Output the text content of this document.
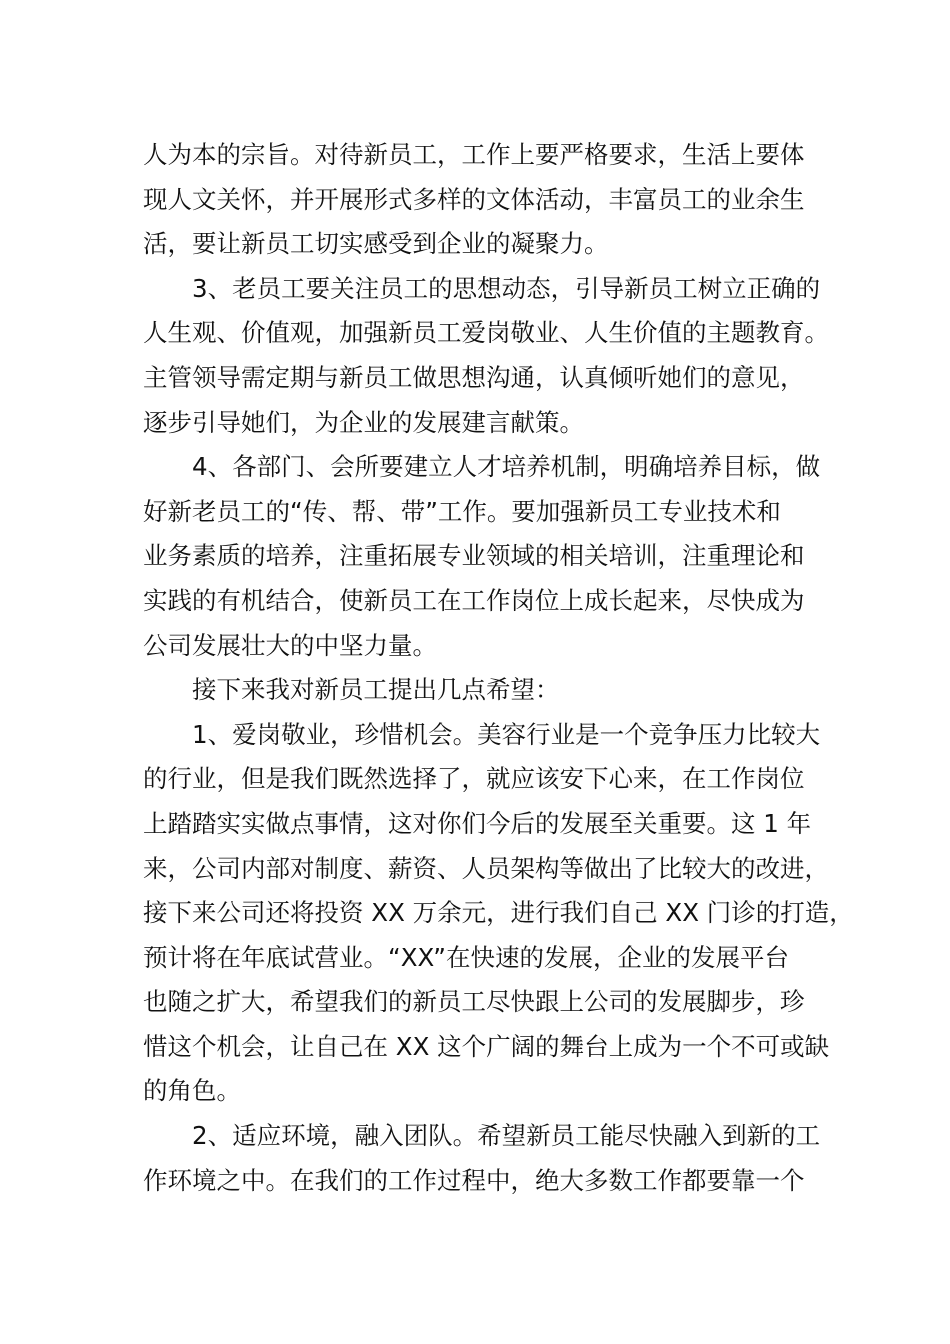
人为本的宗旨。对待新员工，工作上要严格要求，生活上要体
现人文关怀，并开展形式多样的文体活动，丰富员工的业余生
活，要让新员工切实感受到企业的凝聚力。
3、老员工要关注员工的思想动态，引导新员工树立正确的
人生观、价值观，加强新员工爱岗敬业、人生价值的主题教育。
主管领导需定期与新员工做思想沟通，认真倾听她们的意见，
逐步引导她们，为企业的发展建言献策。
4、各部门、会所要建立人才培养机制，明确培养目标，做
好新老员工的“传、帮、带”工作。要加强新员工专业技术和
业务素质的培养，注重拓展专业领域的相关培训，注重理论和
实践的有机结合，使新员工在工作岗位上成长起来，尽快成为
公司发展壮大的中坚力量。
接下来我对新员工提出几点希望：
1、爱岗敬业，珍惜机会。美容行业是一个竞争压力比较大
的行业，但是我们既然选择了，就应该安下心来，在工作岗位
上踏踏实实做点事情，这对你们今后的发展至关重要。这 1 年
来，公司内部对制度、薪资、人员架构等做出了比较大的改进，
接下来公司还将投资 XX 万余元，进行我们自己 XX 门诊的打造，
预计将在年底试营业。“XX”在快速的发展，企业的发展平台
也随之扩大，希望我们的新员工尽快跟上公司的发展脚步，珍
惜这个机会，让自己在 XX 这个广阔的舞台上成为一个不可或缺
的角色。
2、适应环境，融入团队。希望新员工能尽快融入到新的工
作环境之中。在我们的工作过程中，绝大多数工作都要靠一个
